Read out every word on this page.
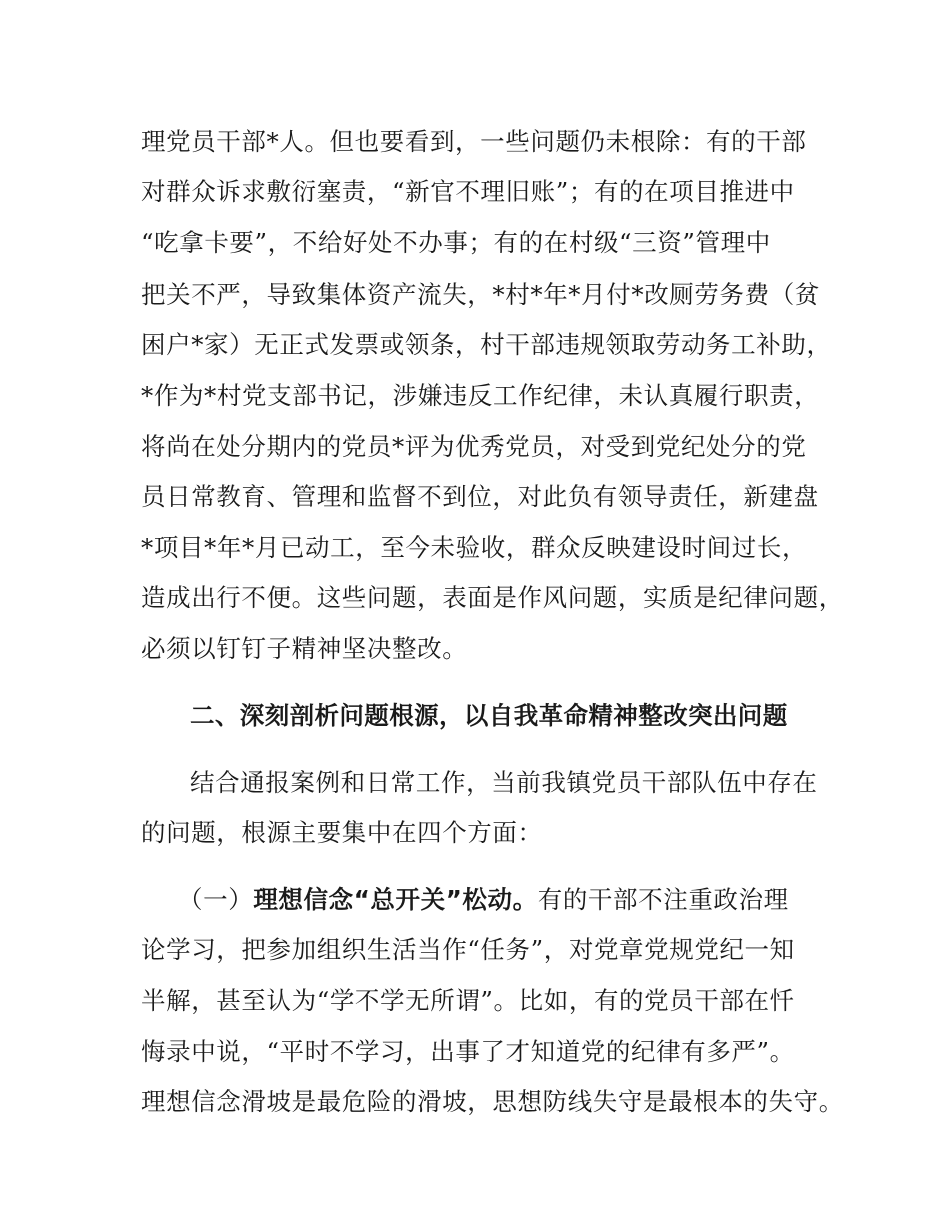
理党员干部*人。但也要看到，一些问题仍未根除：有的干部
对群众诉求敷衍塞责，“新官不理旧账”；有的在项目推进中
“吃拿卡要”，不给好处不办事；有的在村级“三资”管理中
把关不严，导致集体资产流失，*村*年*月付*改厕劳务费（贫
困户*家）无正式发票或领条，村干部违规领取劳动务工补助，
*作为*村党支部书记，涉嫌违反工作纪律，未认真履行职责，
将尚在处分期内的党员*评为优秀党员，对受到党纪处分的党
员日常教育、管理和监督不到位，对此负有领导责任，新建盘
*项目*年*月已动工，至今未验收，群众反映建设时间过长，
造成出行不便。这些问题，表面是作风问题，实质是纪律问题，
必须以钉钉子精神坚决整改。
二、深刻剖析问题根源，以自我革命精神整改突出问题
结合通报案例和日常工作，当前我镇党员干部队伍中存在
的问题，根源主要集中在四个方面：
（一）理想信念“总开关”松动。有的干部不注重政治理
论学习，把参加组织生活当作“任务”，对党章党规党纪一知
半解，甚至认为“学不学无所谓”。比如，有的党员干部在忏
悔录中说，“平时不学习，出事了才知道党的纪律有多严”。
理想信念滑坡是最危险的滑坡，思想防线失守是最根本的失守。
